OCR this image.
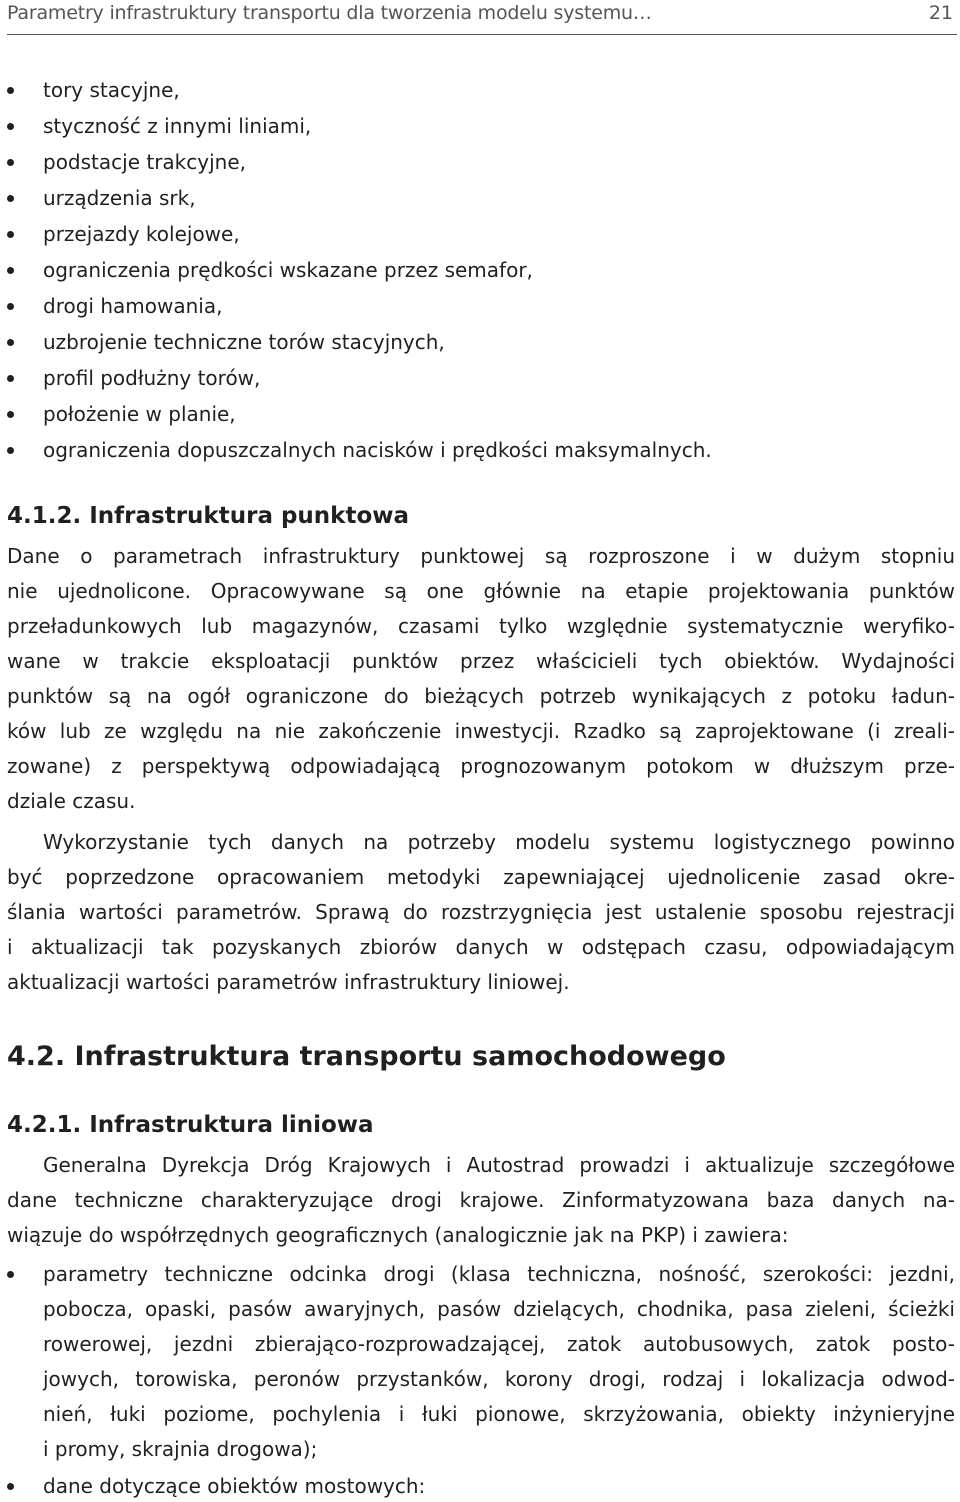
Parametry infrastruktury transportu dla tworzenia modelu systemu…	21
tory stacyjne,
styczność z innymi liniami,
podstacje trakcyjne,
urządzenia srk,
przejazdy kolejowe,
ograniczenia prędkości wskazane przez semafor,
drogi hamowania,
uzbrojenie techniczne torów stacyjnych,
profil podłużny torów,
położenie w planie,
ograniczenia dopuszczalnych nacisków i prędkości maksymalnych.
4.1.2. Infrastruktura punktowa
Dane o parametrach infrastruktury punktowej są rozproszone i w dużym stopniu
nie ujednolicone. Opracowywane są one głównie na etapie projektowania punktów
przeładunkowych lub magazynów, czasami tylko względnie systematycznie weryfiko-
wane w trakcie eksploatacji punktów przez właścicieli tych obiektów. Wydajności
punktów są na ogół ograniczone do bieżących potrzeb wynikających z potoku ładun-
ków lub ze względu na nie zakończenie inwestycji. Rzadko są zaprojektowane (i zreali-
zowane) z perspektywą odpowiadającą prognozowanym potokom w dłuższym prze-
dziale czasu.
Wykorzystanie tych danych na potrzeby modelu systemu logistycznego powinno
być poprzedzone opracowaniem metodyki zapewniającej ujednolicenie zasad okre-
ślania wartości parametrów. Sprawą do rozstrzygnięcia jest ustalenie sposobu rejestracji
i aktualizacji tak pozyskanych zbiorów danych w odstępach czasu, odpowiadającym
aktualizacji wartości parametrów infrastruktury liniowej.
4.2. Infrastruktura transportu samochodowego
4.2.1. Infrastruktura liniowa
Generalna Dyrekcja Dróg Krajowych i Autostrad prowadzi i aktualizuje szczegółowe
dane techniczne charakteryzujące drogi krajowe. Zinformatyzowana baza danych na-
wiązuje do współrzędnych geograficznych (analogicznie jak na PKP) i zawiera:
parametry techniczne odcinka drogi (klasa techniczna, nośność, szerokości: jezdni,
pobocza, opaski, pasów awaryjnych, pasów dzielących, chodnika, pasa zieleni, ścieżki
rowerowej, jezdni zbierająco-rozprowadzającej, zatok autobusowych, zatok posto-
jowych, torowiska, peronów przystanków, korony drogi, rodzaj i lokalizacja odwod-
nień, łuki poziome, pochylenia i łuki pionowe, skrzyżowania, obiekty inżynieryjne
i promy, skrajnia drogowa);
dane dotyczące obiektów mostowych:
